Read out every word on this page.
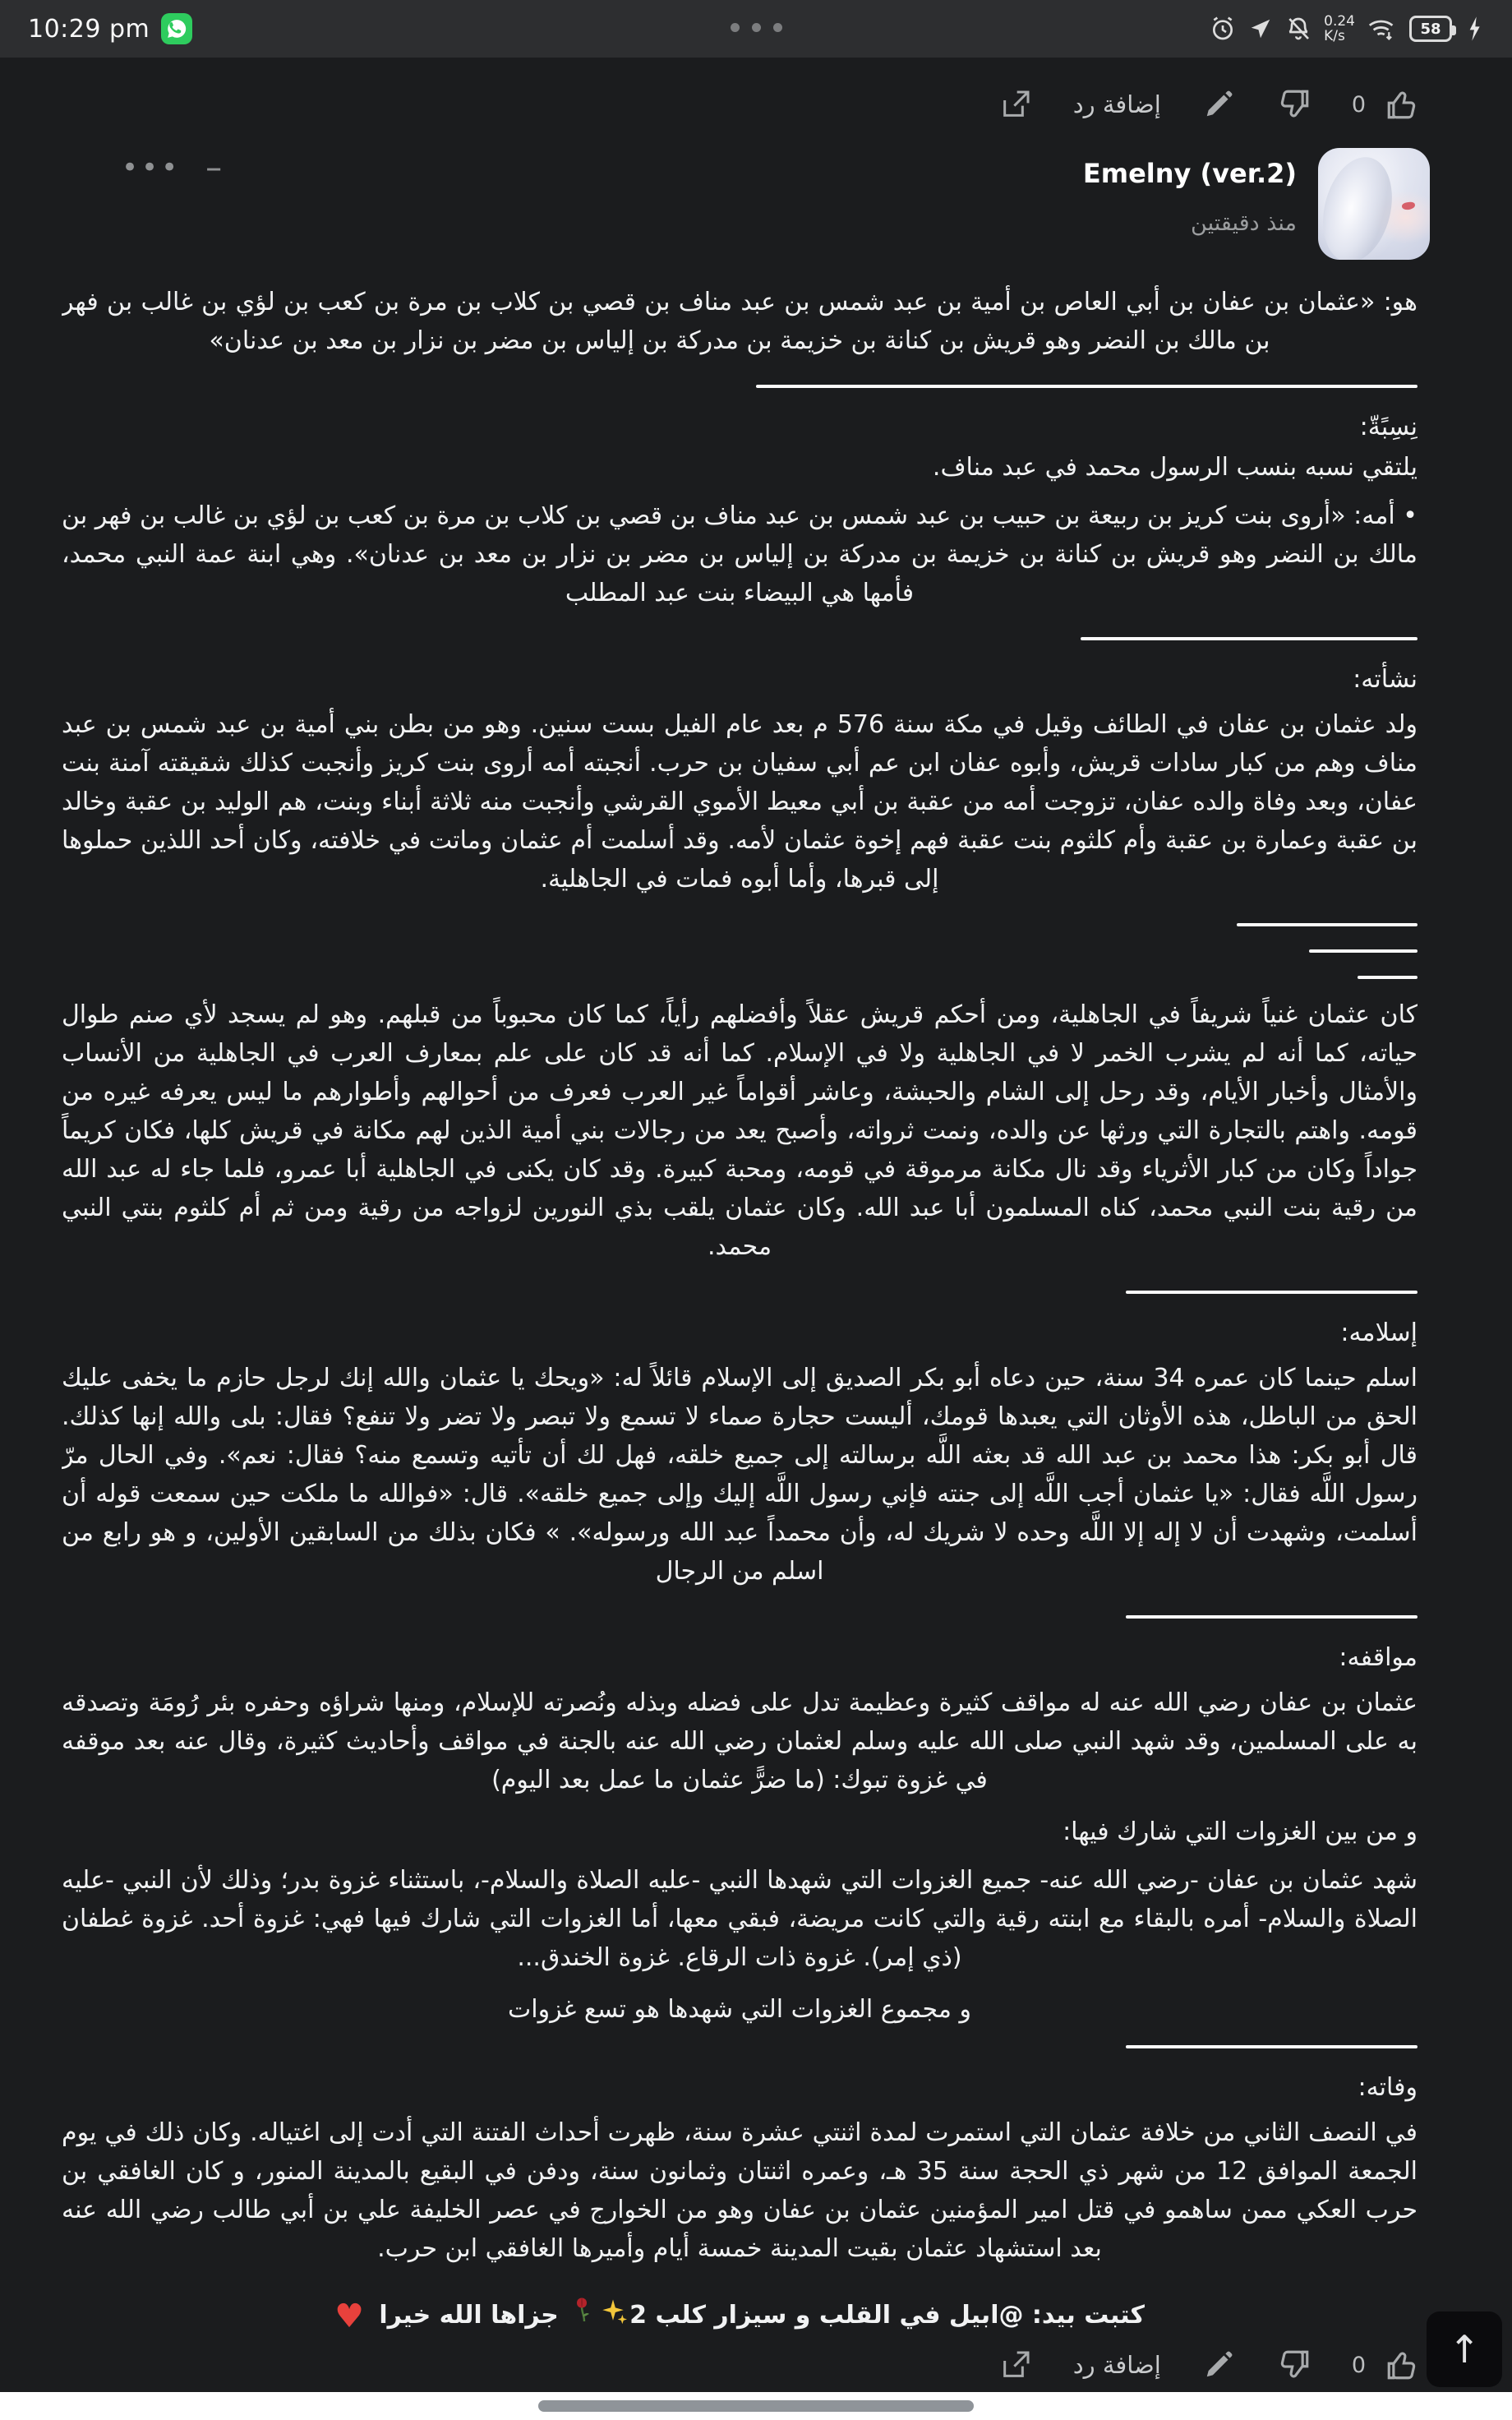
10:29 pm	0.24
K/s	58
إضافة رد	0
••• –	Emelny (ver.2)
منذ دقيقتين
هو: «عثمان بن عفان بن أبي العاص بن أمية بن عبد شمس بن عبد مناف بن قصي بن كلاب بن مرة بن كعب بن لؤي بن غالب بن فهر بن مالك بن النضر وهو قريش بن كنانة بن خزيمة بن مدركة بن إلياس بن مضر بن نزار بن معد بن عدنان»
نِسِبًةّ:
يلتقي نسبه بنسب الرسول محمد في عبد مناف.
• أمه: «أروى بنت كريز بن ربيعة بن حبيب بن عبد شمس بن عبد مناف بن قصي بن كلاب بن مرة بن كعب بن لؤي بن غالب بن فهر بن مالك بن النضر وهو قريش بن كنانة بن خزيمة بن مدركة بن إلياس بن مضر بن نزار بن معد بن عدنان». وهي ابنة عمة النبي محمد، فأمها هي البيضاء بنت عبد المطلب
نشأته:
ولد عثمان بن عفان في الطائف وقيل في مكة سنة 576 م بعد عام الفيل بست سنين. وهو من بطن بني أمية بن عبد شمس بن عبد مناف وهم من كبار سادات قريش، وأبوه عفان ابن عم أبي سفيان بن حرب. أنجبته أمه أروى بنت كريز وأنجبت كذلك شقيقته آمنة بنت عفان، وبعد وفاة والده عفان، تزوجت أمه من عقبة بن أبي معيط الأموي القرشي وأنجبت منه ثلاثة أبناء وبنت، هم الوليد بن عقبة وخالد بن عقبة وعمارة بن عقبة وأم كلثوم بنت عقبة فهم إخوة عثمان لأمه. وقد أسلمت أم عثمان وماتت في خلافته، وكان أحد اللذين حملوها إلى قبرها، وأما أبوه فمات في الجاهلية.
كان عثمان غنياً شريفاً في الجاهلية، ومن أحكم قريش عقلاً وأفضلهم رأياً، كما كان محبوباً من قبلهم. وهو لم يسجد لأي صنم طوال حياته، كما أنه لم يشرب الخمر لا في الجاهلية ولا في الإسلام. كما أنه قد كان على علم بمعارف العرب في الجاهلية من الأنساب والأمثال وأخبار الأيام، وقد رحل إلى الشام والحبشة، وعاشر أقواماً غير العرب فعرف من أحوالهم وأطوارهم ما ليس يعرفه غيره من قومه. واهتم بالتجارة التي ورثها عن والده، ونمت ثرواته، وأصبح يعد من رجالات بني أمية الذين لهم مكانة في قريش كلها، فكان كريماً جواداً وكان من كبار الأثرياء وقد نال مكانة مرموقة في قومه، ومحبة كبيرة. وقد كان يكنى في الجاهلية أبا عمرو، فلما جاء له عبد الله من رقية بنت النبي محمد، كناه المسلمون أبا عبد الله. وكان عثمان يلقب بذي النورين لزواجه من رقية ومن ثم أم كلثوم بنتي النبي محمد.
إسلامه:
اسلم حينما كان عمره 34 سنة، حين دعاه أبو بكر الصديق إلى الإسلام قائلاً له: «ويحك يا عثمان والله إنك لرجل حازم ما يخفى عليك الحق من الباطل، هذه الأوثان التي يعبدها قومك، أليست حجارة صماء لا تسمع ولا تبصر ولا تضر ولا تنفع؟ فقال: بلى والله إنها كذلك. قال أبو بكر: هذا محمد بن عبد الله قد بعثه اللَّه برسالته إلى جميع خلقه، فهل لك أن تأتيه وتسمع منه؟ فقال: نعم». وفي الحال مرّ رسول اللَّه فقال: «يا عثمان أجب اللَّه إلى جنته فإني رسول اللَّه إليك وإلى جميع خلقه». قال: «فوالله ما ملكت حين سمعت قوله أن أسلمت، وشهدت أن لا إله إلا اللَّه وحده لا شريك له، وأن محمداً عبد الله ورسوله». » فكان بذلك من السابقين الأولين، و هو رابع من اسلم من الرجال
مواقفه:
عثمان بن عفان رضي الله عنه له مواقف كثيرة وعظيمة تدل على فضله وبذله ونُصرته للإسلام، ومنها شراؤه وحفره بئر رُومَة وتصدقه به على المسلمين، وقد شهد النبي صلى الله عليه وسلم لعثمان رضي الله عنه بالجنة في مواقف وأحاديث كثيرة، وقال عنه بعد موقفه في غزوة تبوك: (ما ضرًّ عثمان ما عمل بعد اليوم)
و من بين الغزوات التي شارك فيها:
شهد عثمان بن عفان -رضي الله عنه- جميع الغزوات التي شهدها النبي -عليه الصلاة والسلام-، باستثناء غزوة بدر؛ وذلك لأن النبي -عليه الصلاة والسلام- أمره بالبقاء مع ابنته رقية والتي كانت مريضة، فبقي معها، أما الغزوات التي شارك فيها فهي: غزوة أحد. غزوة غطفان (ذي إمر). غزوة ذات الرقاع. غزوة الخندق...
و مجموع الغزوات التي شهدها هو تسع غزوات
وفاته:
في النصف الثاني من خلافة عثمان التي استمرت لمدة اثنتي عشرة سنة، ظهرت أحداث الفتنة التي أدت إلى اغتياله. وكان ذلك في يوم الجمعة الموافق 12 من شهر ذي الحجة سنة 35 هـ، وعمره اثنتان وثمانون سنة، ودفن في البقيع بالمدينة المنور، و كان الغافقي بن حرب العكي ممن ساهمو في قتل امير المؤمنين عثمان بن عفان وهو من الخوارج في عصر الخليفة علي بن أبي طالب رضي الله عنه بعد استشهاد عثمان بقيت المدينة خمسة أيام وأميرها الغافقي ابن حرب.
كتبت بيد: @ابيل في القلب و سيزار كلب 2 جزاها الله خيرا ♥
إضافة رد	0 ↑
